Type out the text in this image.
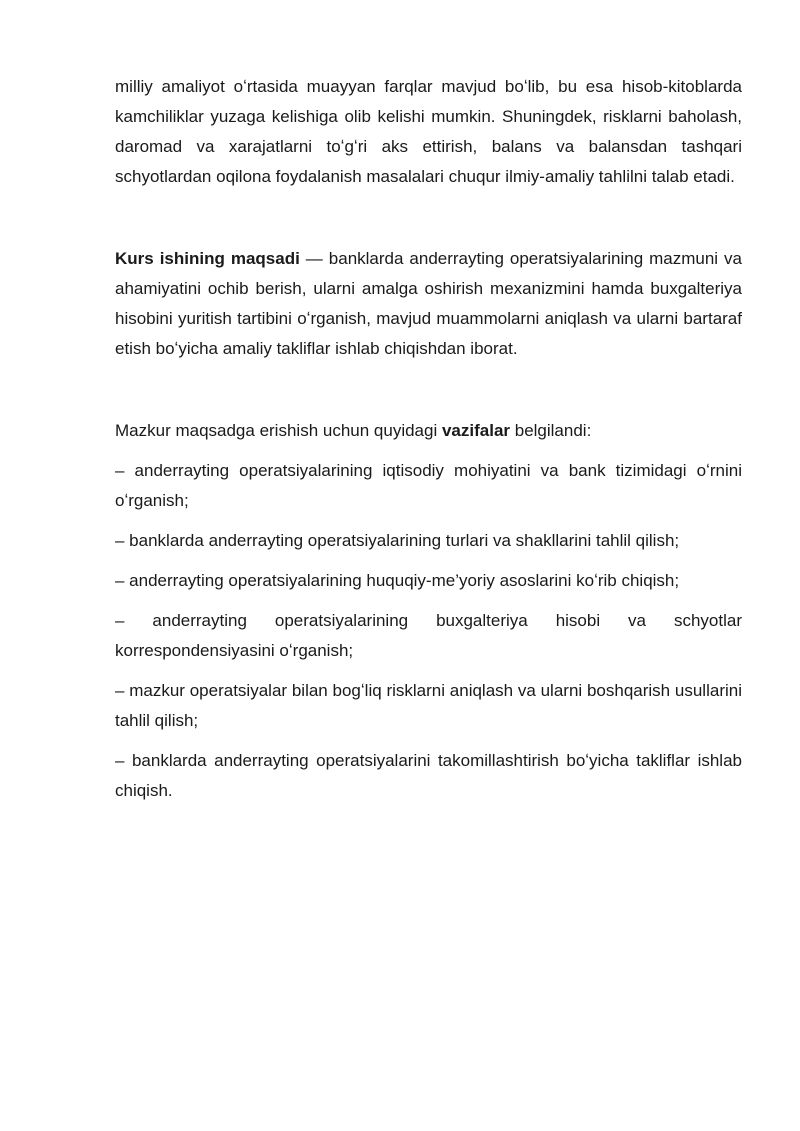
milliy amaliyot oʻrtasida muayyan farqlar mavjud boʻlib, bu esa hisob-kitoblarda kamchiliklar yuzaga kelishiga olib kelishi mumkin. Shuningdek, risklarni baholash, daromad va xarajatlarni toʻgʻri aks ettirish, balans va balansdan tashqari schyotlardan oqilona foydalanish masalalari chuqur ilmiy-amaliy tahlilni talab etadi.

Kurs ishining maqsadi — banklarda anderrayting operatsiyalarining mazmuni va ahamiyatini ochib berish, ularni amalga oshirish mexanizmini hamda buxgalteriya hisobini yuritish tartibini oʻrganish, mavjud muammolarni aniqlash va ularni bartaraf etish boʻyicha amaliy takliflar ishlab chiqishdan iborat.

Mazkur maqsadga erishish uchun quyidagi vazifalar belgilandi:

– anderrayting operatsiyalarining iqtisodiy mohiyatini va bank tizimidagi oʻrnini oʻrganish;

– banklarda anderrayting operatsiyalarining turlari va shakllarini tahlil qilish;

– anderrayting operatsiyalarining huquqiy-me’yoriy asoslarini koʻrib chiqish;

– anderrayting operatsiyalarining buxgalteriya hisobi va schyotlar korrespondensiyasini oʻrganish;

– mazkur operatsiyalar bilan bogʻliq risklarni aniqlash va ularni boshqarish usullarini tahlil qilish;

– banklarda anderrayting operatsiyalarini takomillashtirish boʻyicha takliflar ishlab chiqish.
